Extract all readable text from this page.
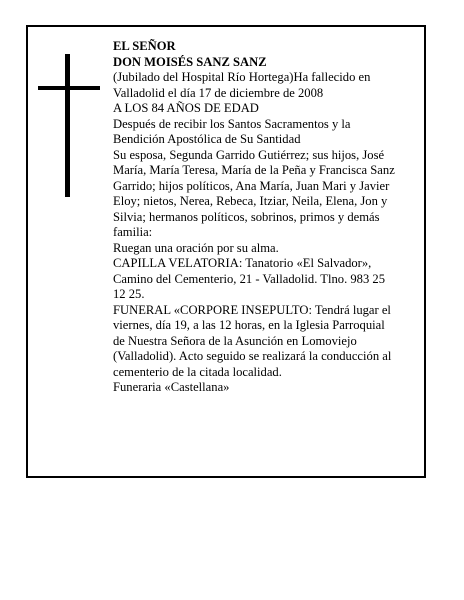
EL SEÑOR

DON MOISÉS SANZ SANZ

(Jubilado del Hospital Río Hortega)Ha fallecido en Valladolid el día 17 de diciembre de 2008

A LOS 84 AÑOS DE EDAD

Después de recibir los Santos Sacramentos y la Bendición Apostólica de Su Santidad

Su esposa, Segunda Garrido Gutiérrez; sus hijos, José María, María Teresa, María de la Peña y Francisca Sanz Garrido; hijos políticos, Ana María, Juan Mari y Javier Eloy; nietos, Nerea, Rebeca, Itziar, Neila, Elena, Jon y Silvia; hermanos políticos, sobrinos, primos y demás familia:

Ruegan una oración por su alma.

CAPILLA VELATORIA: Tanatorio «El Salvador», Camino del Cementerio, 21 - Valladolid. Tlno. 983 25 12 25.

FUNERAL «CORPORE INSEPULTO: Tendrá lugar el viernes, día 19, a las 12 horas, en la Iglesia Parroquial de Nuestra Señora de la Asunción en Lomoviejo (Valladolid). Acto seguido se realizará la conducción al cementerio de la citada localidad.

Funeraria «Castellana»
